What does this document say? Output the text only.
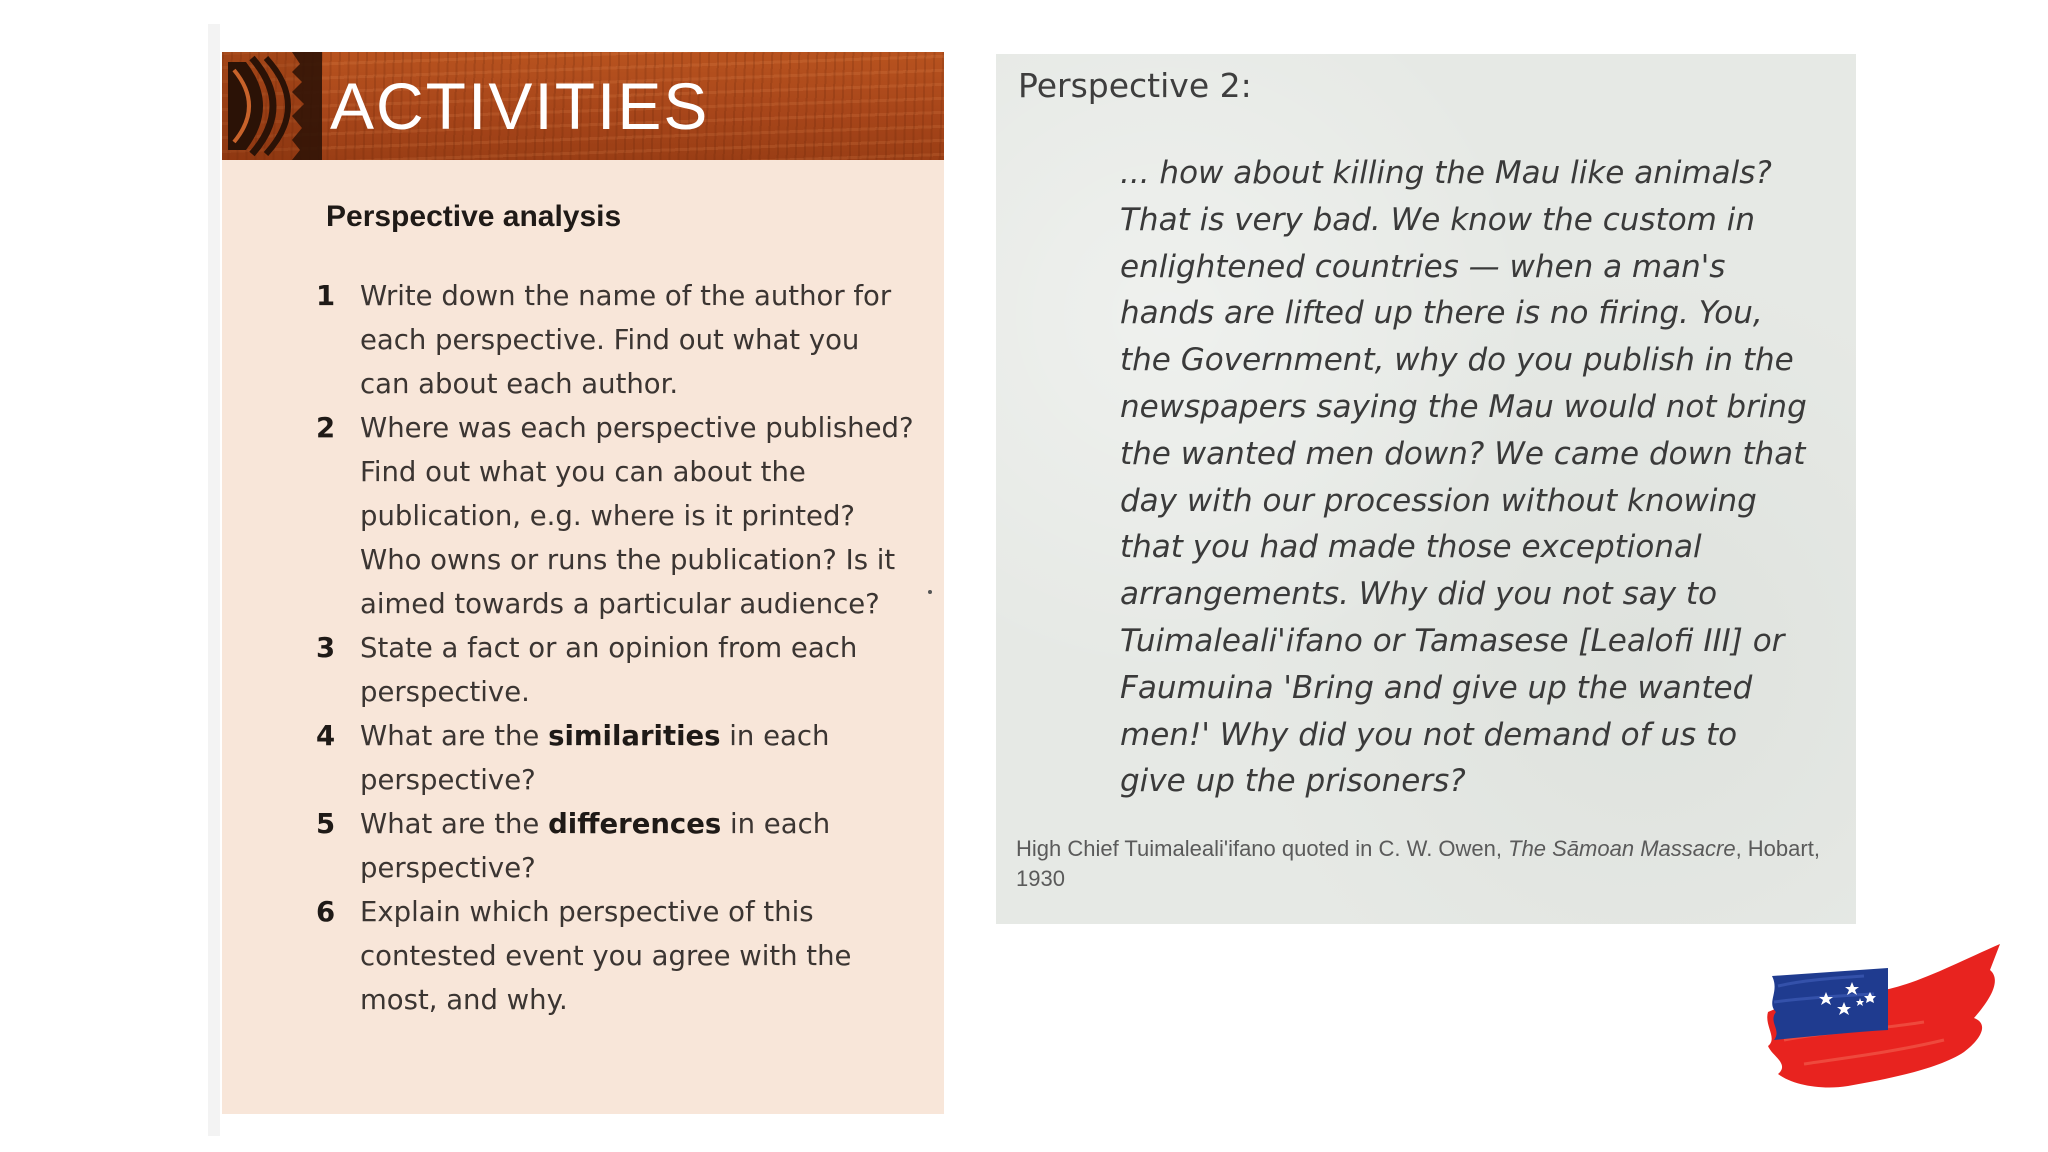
ACTIVITIES
Perspective analysis
1 Write down the name of the author for each perspective. Find out what you can about each author.
2 Where was each perspective published? Find out what you can about the publication, e.g. where is it printed? Who owns or runs the publication? Is it aimed towards a particular audience?
3 State a fact or an opinion from each perspective.
4 What are the similarities in each perspective?
5 What are the differences in each perspective?
6 Explain which perspective of this contested event you agree with the most, and why.
Perspective 2:

... how about killing the Mau like animals? That is very bad. We know the custom in enlightened countries — when a man's hands are lifted up there is no firing. You, the Government, why do you publish in the newspapers saying the Mau would not bring the wanted men down? We came down that day with our procession without knowing that you had made those exceptional arrangements. Why did you not say to Tuimaleali'ifano or Tamasese [Lealofi III] or Faumuina 'Bring and give up the wanted men!' Why did you not demand of us to give up the prisoners?

High Chief Tuimaleali'ifano quoted in C. W. Owen, The Sāmoan Massacre, Hobart, 1930
